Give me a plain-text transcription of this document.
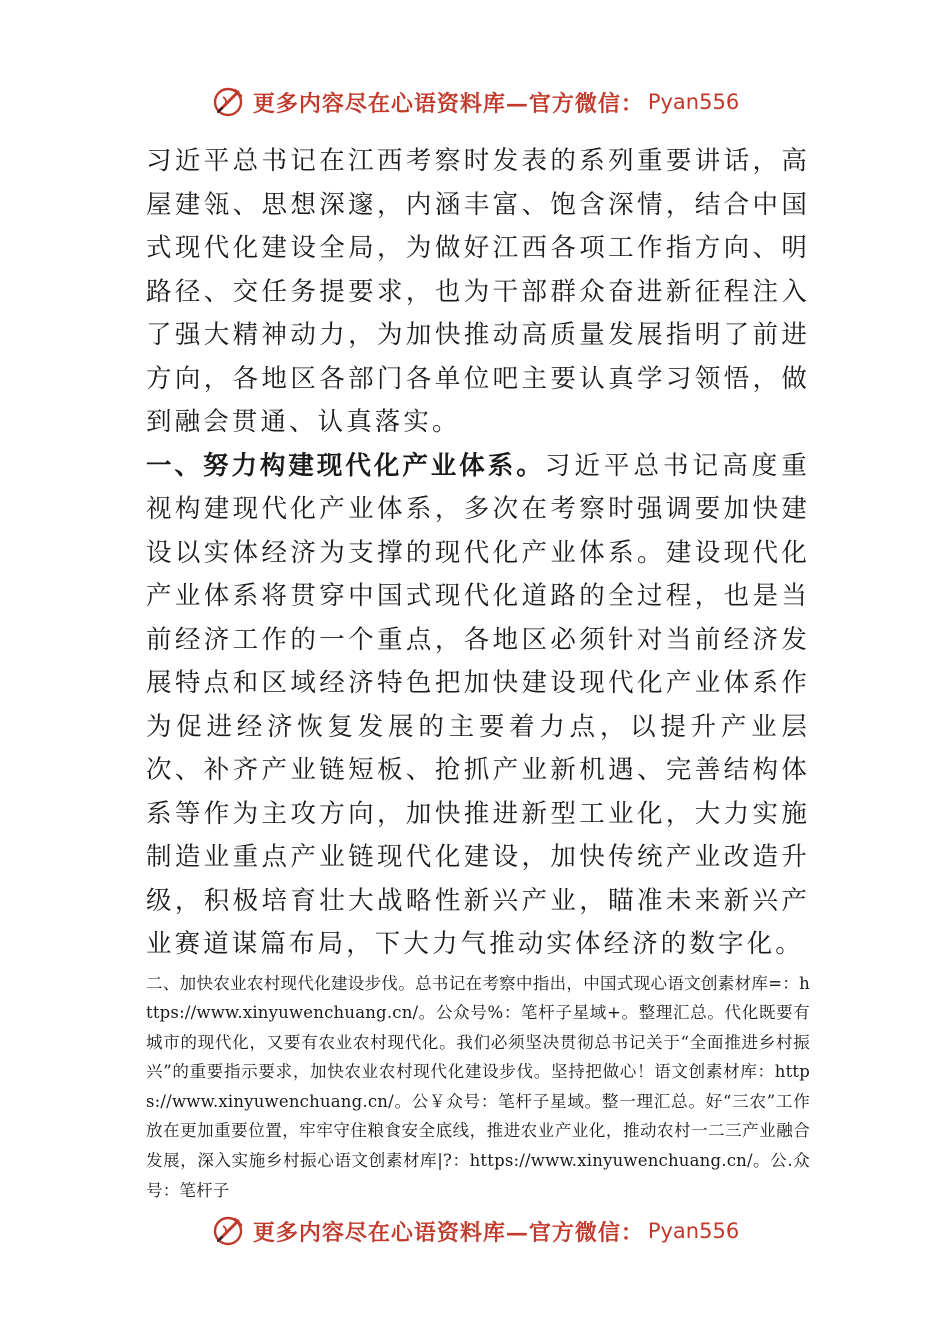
更多内容尽在心语资料库—官方微信： Pyan556

习近平总书记在江西考察时发表的系列重要讲话，高屋建瓴、思想深邃，内涵丰富、饱含深情，结合中国式现代化建设全局，为做好江西各项工作指方向、明路径、交任务提要求，也为干部群众奋进新征程注入了强大精神动力，为加快推动高质量发展指明了前进方向，各地区各部门各单位吧主要认真学习领悟，做到融会贯通、认真落实。

一、努力构建现代化产业体系。习近平总书记高度重视构建现代化产业体系，多次在考察时强调要加快建设以实体经济为支撑的现代化产业体系。建设现代化产业体系将贯穿中国式现代化道路的全过程，也是当前经济工作的一个重点，各地区必须针对当前经济发展特点和区域经济特色把加快建设现代化产业体系作为促进经济恢复发展的主要着力点，以提升产业层次、补齐产业链短板、抢抓产业新机遇、完善结构体系等作为主攻方向，加快推进新型工业化，大力实施制造业重点产业链现代化建设，加快传统产业改造升级，积极培育壮大战略性新兴产业，瞄准未来新兴产业赛道谋篇布局，下大力气推动实体经济的数字化。

二、加快农业农村现代化建设步伐。总书记在考察中指出，中国式现心语文创素材库=：https://www.xinyuwenchuang.cn/。公众号%：笔杆子星域+。整理汇总。代化既要有城市的现代化，又要有农业农村现代化。我们必须坚决贯彻总书记关于“全面推进乡村振兴”的重要指示要求，加快农业农村现代化建设步伐。坚持把做心！语文创素材库：https://www.xinyuwenchuang.cn/。公￥众号：笔杆子星域。整一理汇总。好“三农”工作放在更加重要位置，牢牢守住粮食安全底线，推进农业产业化，推动农村一二三产业融合发展，深入实施乡村振心语文创素材库|?：https://www.xinyuwenchuang.cn/。公.众号：笔杆子

更多内容尽在心语资料库—官方微信： Pyan556
